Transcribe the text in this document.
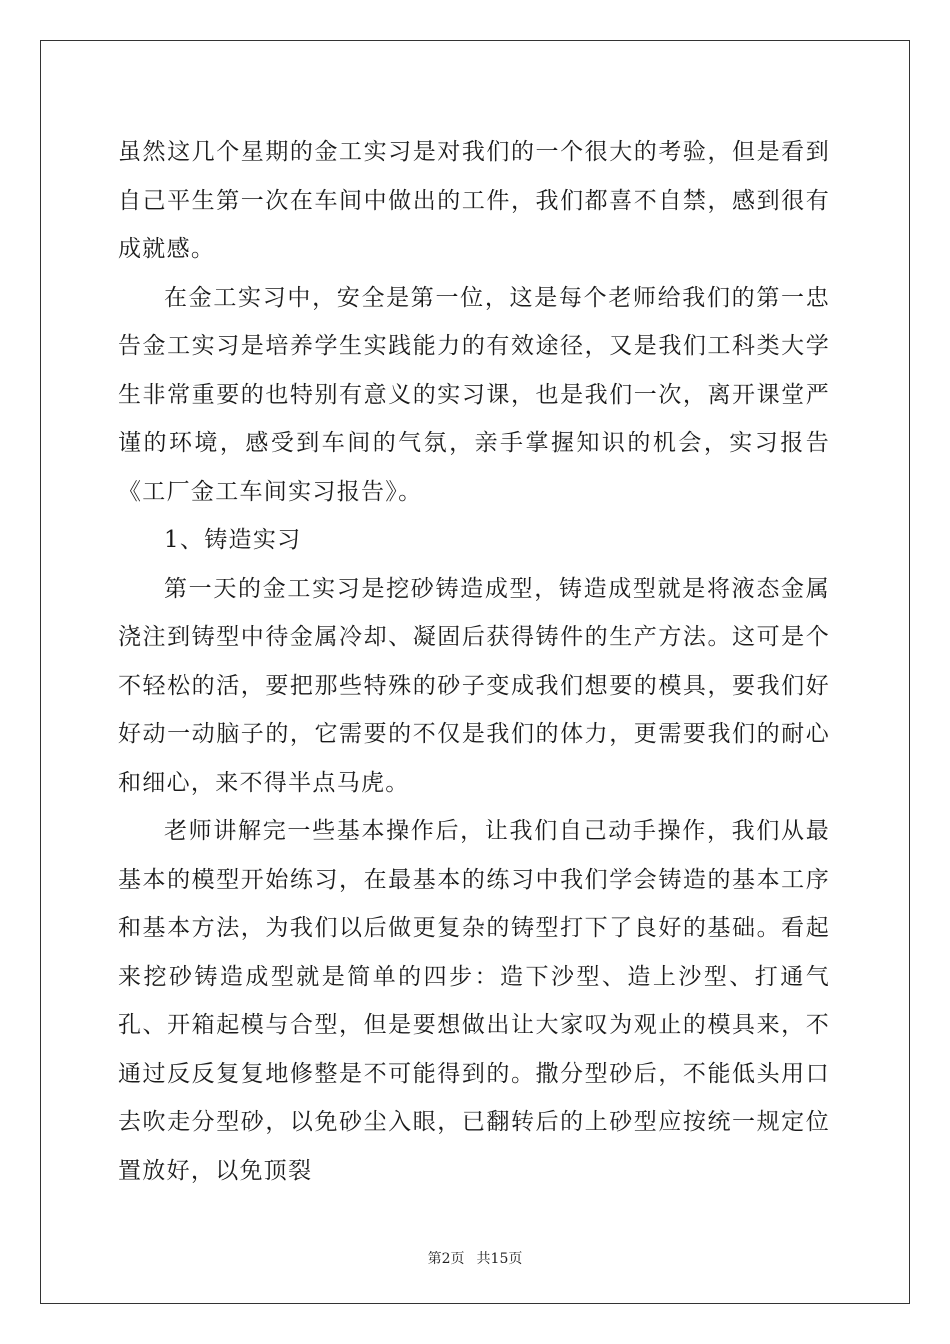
虽然这几个星期的金工实习是对我们的一个很大的考验，但是看到自己平生第一次在车间中做出的工件，我们都喜不自禁，感到很有成就感。

在金工实习中，安全是第一位，这是每个老师给我们的第一忠告金工实习是培养学生实践能力的有效途径，又是我们工科类大学生非常重要的也特别有意义的实习课，也是我们一次，离开课堂严谨的环境，感受到车间的气氛，亲手掌握知识的机会，实习报告《工厂金工车间实习报告》。

1、铸造实习

第一天的金工实习是挖砂铸造成型，铸造成型就是将液态金属浇注到铸型中待金属冷却、凝固后获得铸件的生产方法。这可是个不轻松的活，要把那些特殊的砂子变成我们想要的模具，要我们好好动一动脑子的，它需要的不仅是我们的体力，更需要我们的耐心和细心，来不得半点马虎。

老师讲解完一些基本操作后，让我们自己动手操作，我们从最基本的模型开始练习，在最基本的练习中我们学会铸造的基本工序和基本方法，为我们以后做更复杂的铸型打下了良好的基础。看起来挖砂铸造成型就是简单的四步：造下沙型、造上沙型、打通气孔、开箱起模与合型，但是要想做出让大家叹为观止的模具来，不通过反反复复地修整是不可能得到的。撒分型砂后，不能低头用口去吹走分型砂，以免砂尘入眼，已翻转后的上砂型应按统一规定位置放好，以免顶裂

第2页 共15页
